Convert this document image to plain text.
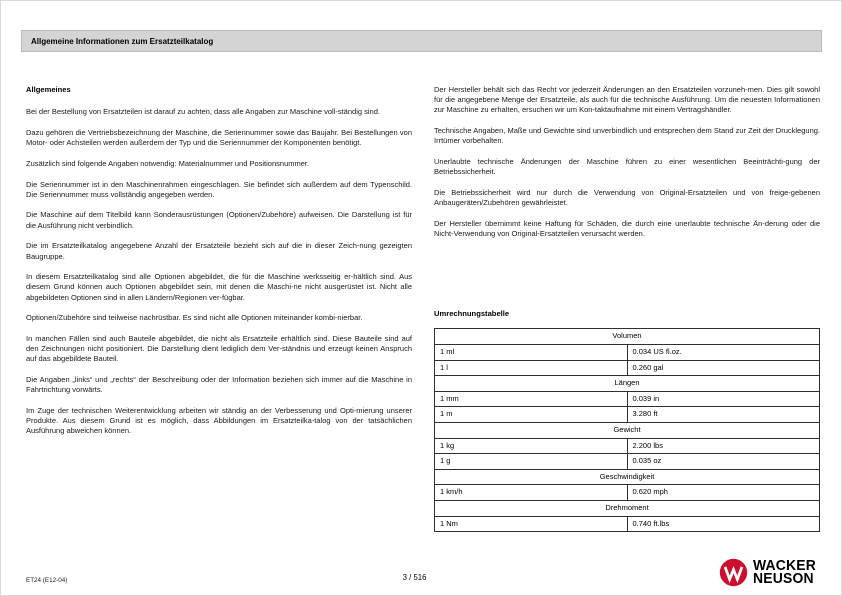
Allgemeine Informationen zum Ersatzteilkatalog
Allgemeines

Bei der Bestellung von Ersatzteilen ist darauf zu achten, dass alle Angaben zur Maschine voll-ständig sind.

Dazu gehören die Vertriebsbezeichnung der Maschine, die Seriennummer sowie das Baujahr. Bei Bestellungen von Motor- oder Achsteilen werden außerdem der Typ und die Seriennummer der Komponenten benötigt.

Zusätzlich sind folgende Angaben notwendig: Materialnummer und Positionsnummer.

Die Seriennummer ist in den Maschinenrahmen eingeschlagen. Sie befindet sich außerdem auf dem Typenschild. Die Seriennummer muss vollständig angegeben werden.

Die Maschine auf dem Titelbild kann Sonderausrüstungen (Optionen/Zubehöre) aufweisen. Die Darstellung ist für die Ausführung nicht verbindlich.

Die im Ersatzteilkatalog angegebene Anzahl der Ersatzteile bezieht sich auf die in dieser Zeich-nung gezeigten Baugruppe.

In diesem Ersatzteilkatalog sind alle Optionen abgebildet, die für die Maschine werksseitig er-hältlich sind. Aus diesem Grund können auch Optionen abgebildet sein, mit denen die Maschi-ne nicht ausgerüstet ist. Nicht alle abgebildeten Optionen sind in allen Ländern/Regionen ver-fügbar.

Optionen/Zubehöre sind teilweise nachrüstbar. Es sind nicht alle Optionen miteinander kombi-nierbar.

In manchen Fällen sind auch Bauteile abgebildet, die nicht als Ersatzteile erhältlich sind. Diese Bauteile sind auf den Zeichnungen nicht positioniert. Die Darstellung dient lediglich dem Ver-ständnis und erzeugt keinen Anspruch auf das abgebildete Bauteil.

Die Angaben „links“ und „rechts“ der Beschreibung oder der Information beziehen sich immer auf die Maschine in Fahrtrichtung vorwärts.

Im Zuge der technischen Weiterentwicklung arbeiten wir ständig an der Verbesserung und Opti-mierung unserer Produkte. Aus diesem Grund ist es möglich, dass Abbildungen im Ersatzteilka-talog von der tatsächlichen Ausführung abweichen können.

Der Hersteller behält sich das Recht vor jederzeit Änderungen an den Ersatzteilen vorzuneh-men. Dies gilt sowohl für die angegebene Menge der Ersatzteile, als auch für die technische Ausführung. Um die neuesten Informationen zur Maschine zu erhalten, ersuchen wir um Kon-taktaufnahme mit einem Vertragshändler.

Technische Angaben, Maße und Gewichte sind unverbindlich und entsprechen dem Stand zur Zeit der Drucklegung. Irrtümer vorbehalten.

Unerlaubte technische Änderungen der Maschine führen zu einer wesentlichen Beeinträchti-gung der Betriebssicherheit.

Die Betriebssicherheit wird nur durch die Verwendung von Original-Ersatzteilen und von freige-gebenen Anbaugeräten/Zubehören gewährleistet.

Der Hersteller übernimmt keine Haftung für Schäden, die durch eine unerlaubte technische Än-derung oder die Nicht-Verwendung von Original-Ersatzteilen verursacht werden.

Umrechnungstabelle
Volumen	
1 ml	0.034 US fl.oz.
1 l	0.260 gal
Längen	
1 mm	0.039 in
1 m	3.280 ft
Gewicht	
1 kg	2.200 lbs
1 g	0.035 oz
Geschwindigkeit	
1 km/h	0.620 mph
Drehmoment	
1 Nm	0.740 ft.lbs
ET24 (E12-04)	3 / 516
WACKER
NEUSON
